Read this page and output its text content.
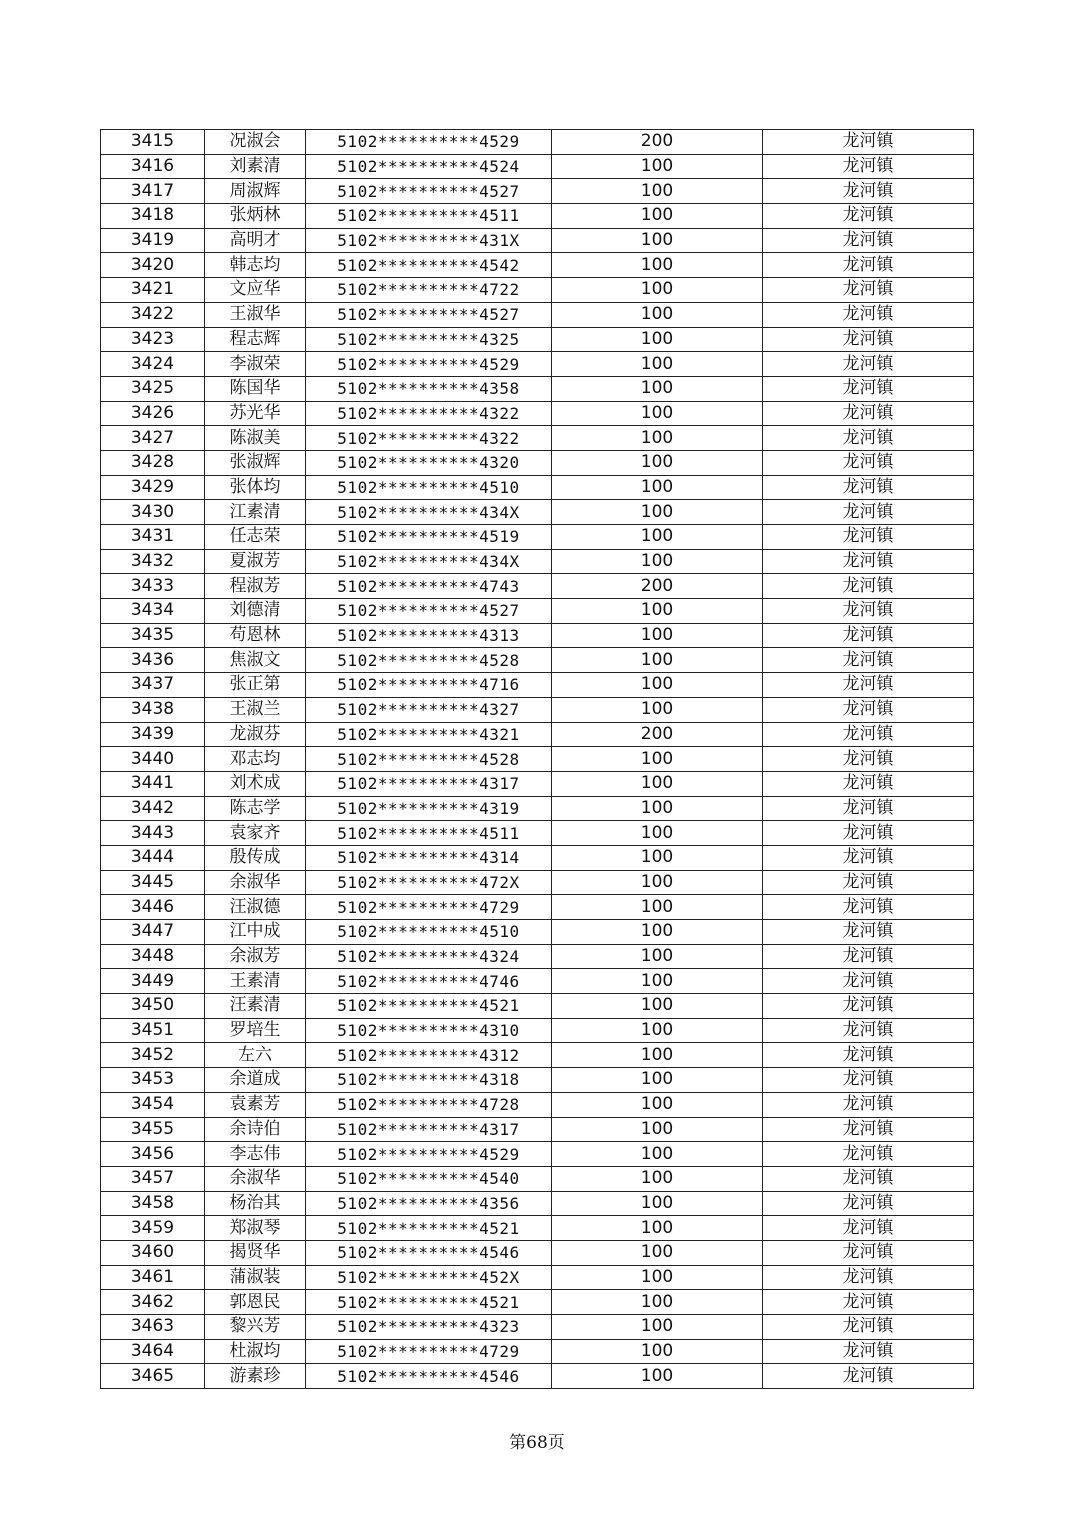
3415	况淑会	5102**********4529	200	龙河镇
3416	刘素清	5102**********4524	100	龙河镇
3417	周淑辉	5102**********4527	100	龙河镇
3418	张炳林	5102**********4511	100	龙河镇
3419	高明才	5102**********431X	100	龙河镇
3420	韩志均	5102**********4542	100	龙河镇
3421	文应华	5102**********4722	100	龙河镇
3422	王淑华	5102**********4527	100	龙河镇
3423	程志辉	5102**********4325	100	龙河镇
3424	李淑荣	5102**********4529	100	龙河镇
3425	陈国华	5102**********4358	100	龙河镇
3426	苏光华	5102**********4322	100	龙河镇
3427	陈淑美	5102**********4322	100	龙河镇
3428	张淑辉	5102**********4320	100	龙河镇
3429	张体均	5102**********4510	100	龙河镇
3430	江素清	5102**********434X	100	龙河镇
3431	任志荣	5102**********4519	100	龙河镇
3432	夏淑芳	5102**********434X	100	龙河镇
3433	程淑芳	5102**********4743	200	龙河镇
3434	刘德清	5102**********4527	100	龙河镇
3435	苟恩林	5102**********4313	100	龙河镇
3436	焦淑文	5102**********4528	100	龙河镇
3437	张正第	5102**********4716	100	龙河镇
3438	王淑兰	5102**********4327	100	龙河镇
3439	龙淑芬	5102**********4321	200	龙河镇
3440	邓志均	5102**********4528	100	龙河镇
3441	刘术成	5102**********4317	100	龙河镇
3442	陈志学	5102**********4319	100	龙河镇
3443	袁家齐	5102**********4511	100	龙河镇
3444	殷传成	5102**********4314	100	龙河镇
3445	余淑华	5102**********472X	100	龙河镇
3446	汪淑德	5102**********4729	100	龙河镇
3447	江中成	5102**********4510	100	龙河镇
3448	余淑芳	5102**********4324	100	龙河镇
3449	王素清	5102**********4746	100	龙河镇
3450	汪素清	5102**********4521	100	龙河镇
3451	罗培生	5102**********4310	100	龙河镇
3452	左六	5102**********4312	100	龙河镇
3453	余道成	5102**********4318	100	龙河镇
3454	袁素芳	5102**********4728	100	龙河镇
3455	余诗伯	5102**********4317	100	龙河镇
3456	李志伟	5102**********4529	100	龙河镇
3457	余淑华	5102**********4540	100	龙河镇
3458	杨治其	5102**********4356	100	龙河镇
3459	郑淑琴	5102**********4521	100	龙河镇
3460	揭贤华	5102**********4546	100	龙河镇
3461	蒲淑装	5102**********452X	100	龙河镇
3462	郭恩民	5102**********4521	100	龙河镇
3463	黎兴芳	5102**********4323	100	龙河镇
3464	杜淑均	5102**********4729	100	龙河镇
3465	游素珍	5102**********4546	100	龙河镇
第68页
